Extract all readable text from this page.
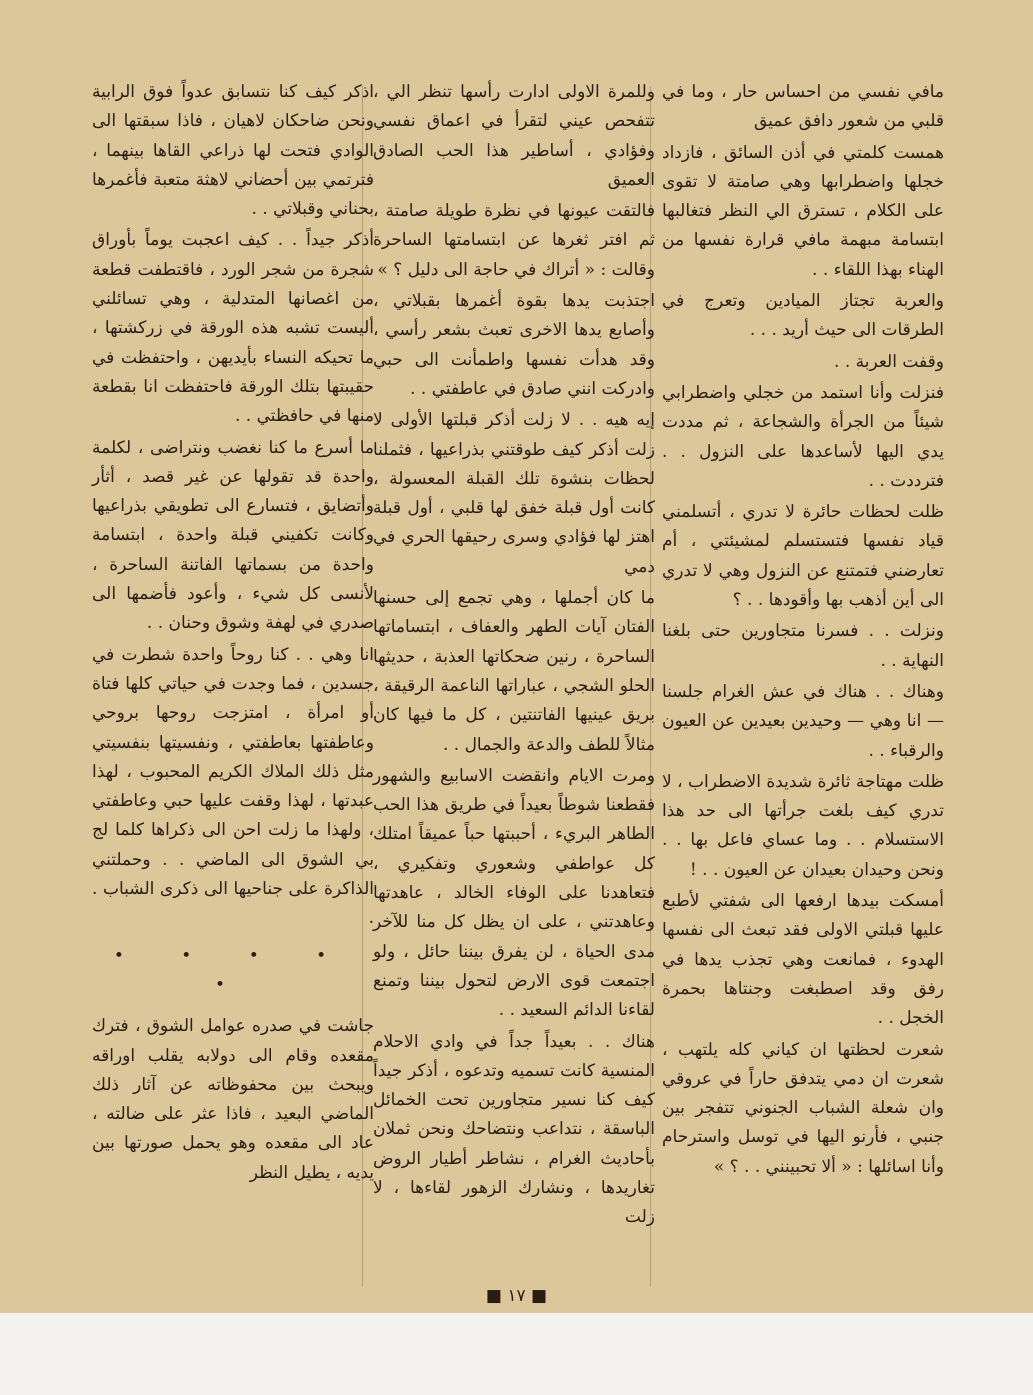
مافي نفسي من احساس حار ، وما في قلبي من شعور دافق عميق

همست كلمتي في أذن السائق ، فازداد خجلها واضطرابها وهي صامتة لا تقوى على الكلام ، تسترق الي النظر فتغالبها ابتسامة مبهمة مافي قرارة نفسها من الهناء بهذا اللقاء . .

والعربة تجتاز الميادين وتعرج في الطرقات الى حيث أريد . . .

وقفت العربة . .

فنزلت وأنا استمد من خجلي واضطرابي شيئاً من الجرأة والشجاعة ، ثم مددت يدي اليها لأساعدها على النزول . . فترددت . .

ظلت لحظات حائرة لا تدري ، أتسلمني قياد نفسها فتستسلم لمشيئتي ، أم تعارضني فتمتنع عن النزول وهي لا تدري الى أين أذهب بها وأقودها . . ؟

ونزلت . . فسرنا متجاورين حتى بلغنا النهاية . .

وهناك . . هناك في عش الغرام جلسنا — انا وهي — وحيدين بعيدين عن العيون والرقباء . .

ظلت مهتاجة ثائرة شديدة الاضطراب ، لا تدري كيف بلغت جرأتها الى حد هذا الاستسلام . . وما عساي فاعل بها . . ونحن وحيدان بعيدان عن العيون . . !

أمسكت بيدها ارفعها الى شفتي لأطبع عليها قبلتي الاولى فقد تبعث الى نفسها الهدوء ، فمانعت وهي تجذب يدها في رفق وقد اصطبغت وجنتاها بحمرة الخجل . .

شعرت لحظتها ان كياني كله يلتهب ، شعرت ان دمي يتدفق حاراً في عروقي وان شعلة الشباب الجنوني تتفجر بين جنبي ، فأرنو اليها في توسل واسترحام وأنا اسائلها : « ألا تحبينني . . ؟ »

وللمرة الاولى ادارت رأسها تنظر الي ، تتفحص عيني لتقرأ في اعماق نفسي وفؤادي ، أساطير هذا الحب الصادق العميق

فالتقت عيونها في نظرة طويلة صامتة ، ثم افتر ثغرها عن ابتسامتها الساحرة وقالت : « أتراك في حاجة الى دليل ؟ »

اجتذبت يدها بقوة أغمرها بقبلاتي ، وأصابع يدها الاخرى تعبث بشعر رأسي ، وقد هدأت نفسها واطمأنت الى حبي وادركت انني صادق في عاطفتي . .

إيه هيه . . لا زلت أذكر قبلتها الأولى لا زلت أذكر كيف طوقتني بذراعيها ، فثملنا لحظات بنشوة تلك القبلة المعسولة ، كانت أول قبلة خفق لها قلبي ، أول قبلة اهتز لها فؤادي وسرى رحيقها الحري في دمي

ما كان أجملها ، وهي تجمع إلى حسنها الفتان آيات الطهر والعفاف ، ابتساماتها الساحرة ، رنين ضحكاتها العذبة ، حديثها الحلو الشجي ، عباراتها الناعمة الرقيقة ، بريق عينيها الفاتنتين ، كل ما فيها كان مثالاً للطف والدعة والجمال . .

ومرت الايام وانقضت الاسابيع والشهور فقطعنا شوطاً بعيداً في طريق هذا الحب الطاهر البريء ، أحببتها حباً عميقاً امتلك كل عواطفي وشعوري وتفكيري ، فتعاهدنا على الوفاء الخالد ، عاهدتها وعاهدتني ، على ان يظل كل منا للآخر مدى الحياة ، لن يفرق بيننا حائل ، ولو اجتمعت قوى الارض لتحول بيننا وتمنع لقاءنا الدائم السعيد . .

هناك . . بعيداً جداً في وادي الاحلام المنسية كانت تسميه وتدعوه ، أذكر جيداً كيف كنا نسير متجاورين تحت الخمائل الباسقة ، نتداعب ونتضاحك ونحن ثملان بأحاديث الغرام ، نشاطر أطيار الروض تغاريدها ، ونشارك الزهور لقاءها ، لا زلت

اذكر كيف كنا نتسابق عدواً فوق الرابية ونحن ضاحكان لاهيان ، فاذا سبقتها الى الوادي فتحت لها ذراعي القاها بينهما ، فترتمي بين أحضاني لاهثة متعبة فأغمرها بحناني وقبلاتي . .

أذكر جيداً . . كيف اعجبت يوماً بأوراق شجرة من شجر الورد ، فاقتطفت قطعة من اغصانها المتدلية ، وهي تسائلني أليست تشبه هذه الورقة في زركشتها ، ما تحيكه النساء بأيديهن ، واحتفظت في حقيبتها بتلك الورقة فاحتفظت انا بقطعة منها في حافظتي . .

ما أسرع ما كنا نغضب ونتراضى ، لكلمة واحدة قد تقولها عن غير قصد ، أثأر وأتضايق ، فتسارع الى تطويقي بذراعيها وكانت تكفيني قبلة واحدة ، ابتسامة واحدة من بسماتها الفاتنة الساحرة ، لأنسى كل شيء ، وأعود فأضمها الى صدري في لهفة وشوق وحنان . .

انا وهي . . كنا روحاً واحدة شطرت في جسدين ، فما وجدت في حياتي كلها فتاة أو امرأة ، امتزجت روحها بروحي وعاطفتها بعاطفتي ، ونفسيتها بنفسيتي مثل ذلك الملاك الكريم المحبوب ، لهذا عبدتها ، لهذا وقفت عليها حبي وعاطفتي ، ولهذا ما زلت احن الى ذكراها كلما لج بي الشوق الى الماضي . . وحملتني الذاكرة على جناحيها الى ذكرى الشباب . .

• • • • •

جاشت في صدره عوامل الشوق ، فترك مقعده وقام الى دولابه يقلب اوراقه ويبحث بين محفوظاته عن آثار ذلك الماضي البعيد ، فاذا عثر على ضالته ، عاد الى مقعده وهو يحمل صورتها بين يديه ، يطيل النظر

■ ١٧ ■
